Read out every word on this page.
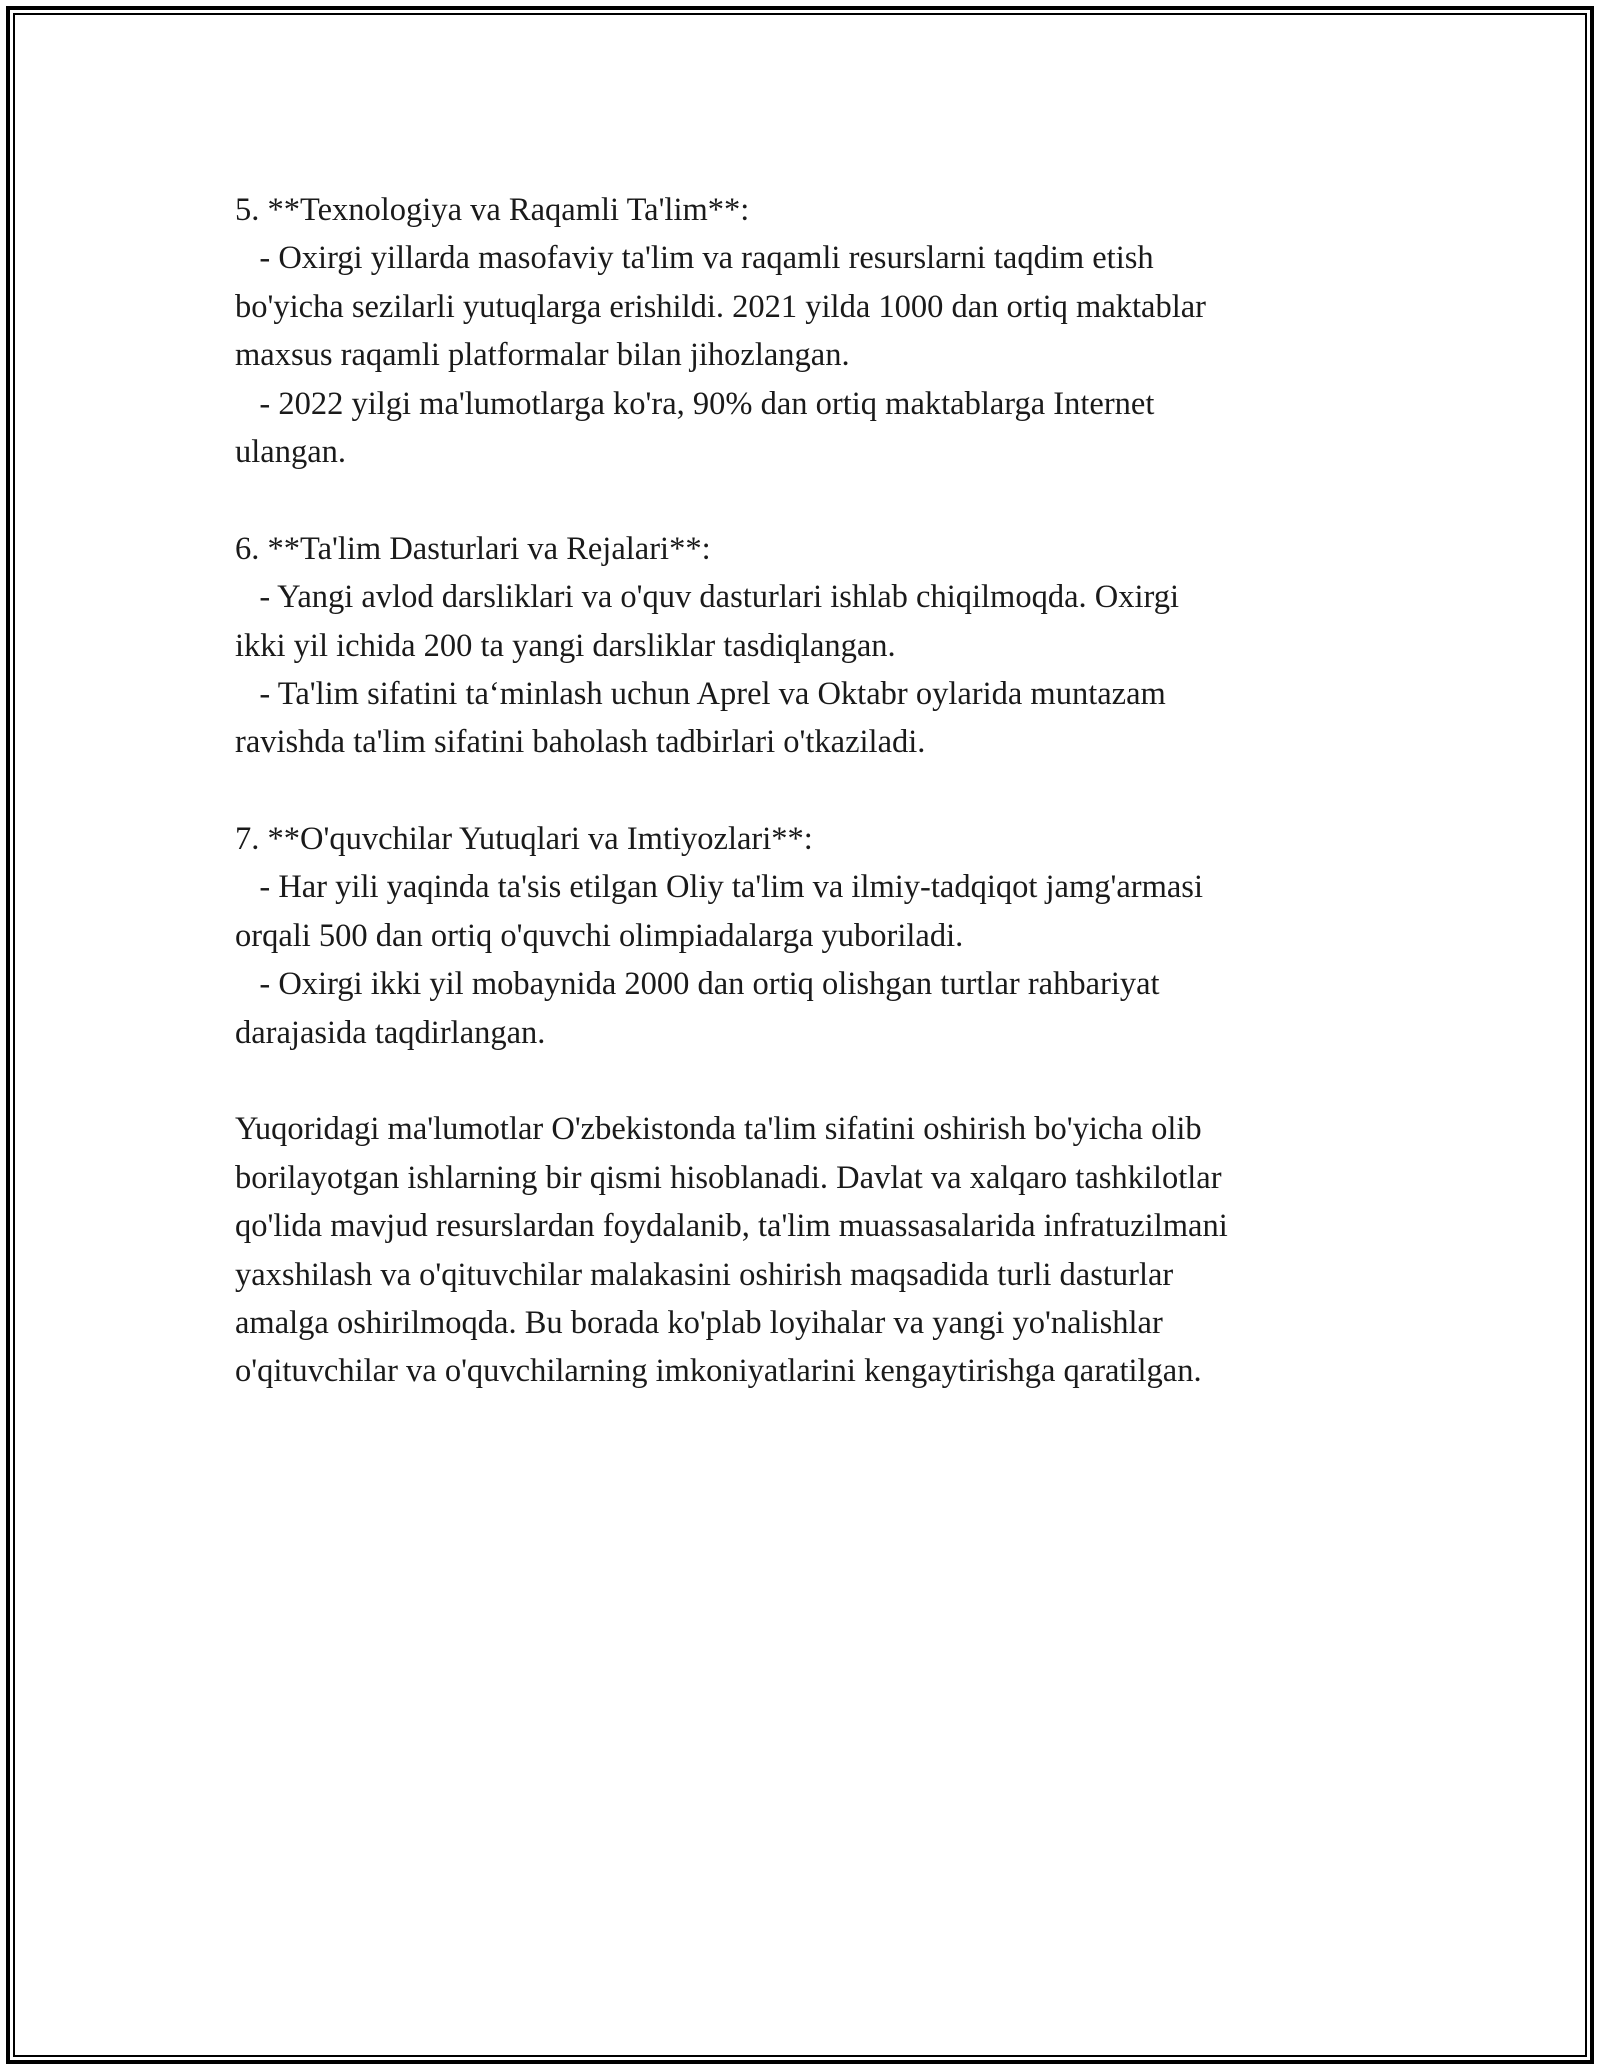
5. **Texnologiya va Raqamli Ta'lim**:
- Oxirgi yillarda masofaviy ta'lim va raqamli resurslarni taqdim etish
bo'yicha sezilarli yutuqlarga erishildi. 2021 yilda 1000 dan ortiq maktablar
maxsus raqamli platformalar bilan jihozlangan.
- 2022 yilgi ma'lumotlarga ko'ra, 90% dan ortiq maktablarga Internet
ulangan.
6. **Ta'lim Dasturlari va Rejalari**:
- Yangi avlod darsliklari va o'quv dasturlari ishlab chiqilmoqda. Oxirgi
ikki yil ichida 200 ta yangi darsliklar tasdiqlangan.
- Ta'lim sifatini ta‘minlash uchun Aprel va Oktabr oylarida muntazam
ravishda ta'lim sifatini baholash tadbirlari o'tkaziladi.
7. **O'quvchilar Yutuqlari va Imtiyozlari**:
- Har yili yaqinda ta'sis etilgan Oliy ta'lim va ilmiy-tadqiqot jamg'armasi
orqali 500 dan ortiq o'quvchi olimpiadalarga yuboriladi.
- Oxirgi ikki yil mobaynida 2000 dan ortiq olishgan turtlar rahbariyat
darajasida taqdirlangan.
Yuqoridagi ma'lumotlar O'zbekistonda ta'lim sifatini oshirish bo'yicha olib
borilayotgan ishlarning bir qismi hisoblanadi. Davlat va xalqaro tashkilotlar
qo'lida mavjud resurslardan foydalanib, ta'lim muassasalarida infratuzilmani
yaxshilash va o'qituvchilar malakasini oshirish maqsadida turli dasturlar
amalga oshirilmoqda. Bu borada ko'plab loyihalar va yangi yo'nalishlar
o'qituvchilar va o'quvchilarning imkoniyatlarini kengaytirishga qaratilgan.
